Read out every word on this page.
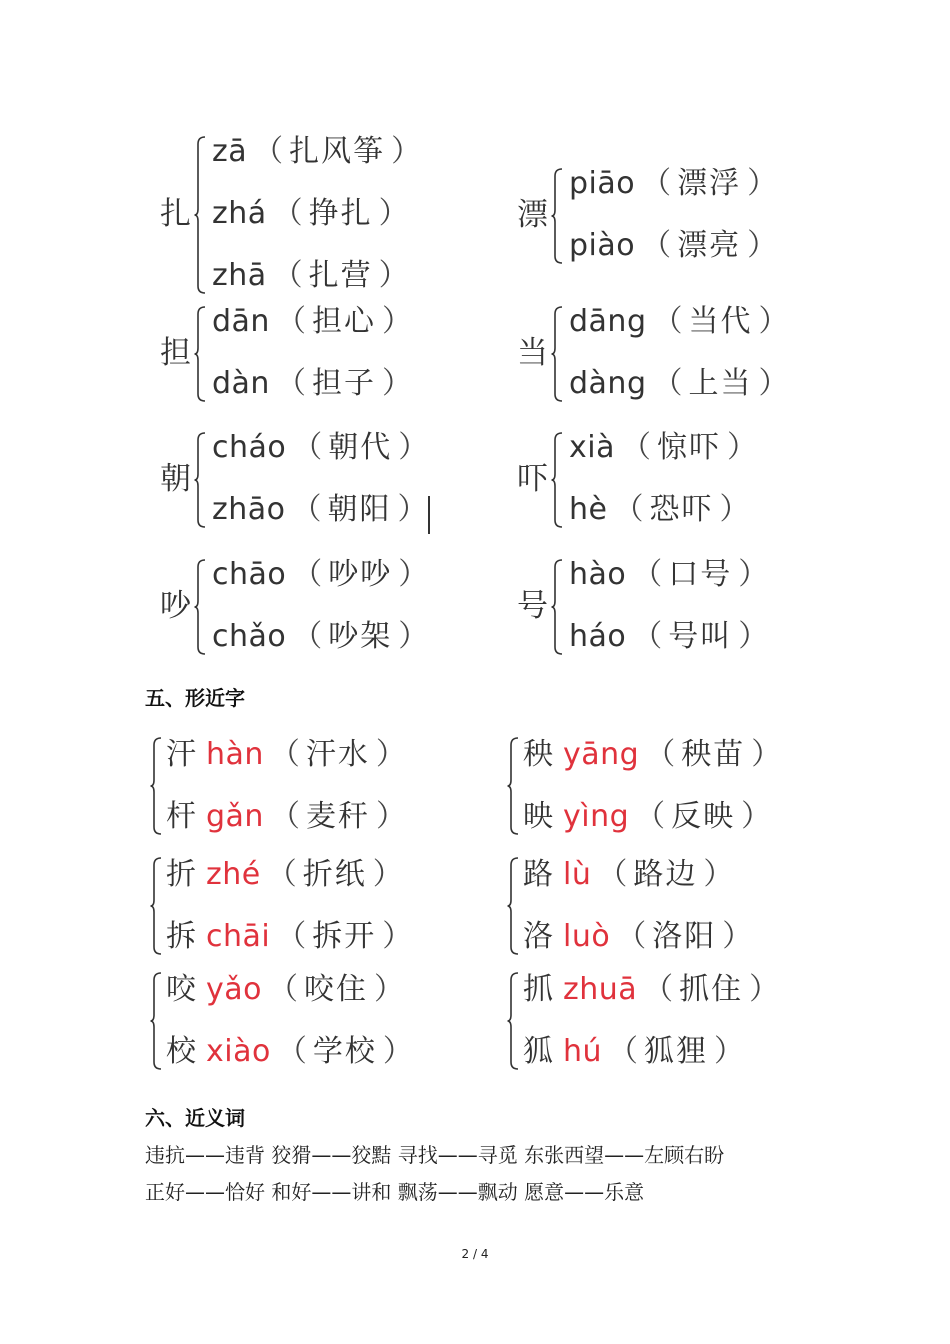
扎
zā （ 扎风筝 ）
zhá （ 挣扎 ）
zhā （ 扎营 ）
漂
piāo （ 漂浮 ）
piào （ 漂亮 ）
担
dān （ 担心 ）
dàn （ 担子 ）
当
dāng （ 当代 ）
dàng （ 上当 ）
朝
cháo （ 朝代 ）
zhāo （ 朝阳 ）
吓
xià （ 惊吓 ）
hè （ 恐吓 ）
吵
chāo （ 吵吵 ）
chǎo （ 吵架 ）
号
hào （ 口号 ）
háo （ 号叫 ）
五、形近字
汗 hàn （ 汗水 ）
杆 gǎn （ 麦秆 ）
秧 yāng （ 秧苗 ）
映 yìng （ 反映 ）
折 zhé （ 折纸 ）
拆 chāi （ 拆开 ）
路 lù （ 路边 ）
洛 luò （ 洛阳 ）
咬 yǎo （ 咬住 ）
校 xiào （ 学校 ）
抓 zhuā （ 抓住 ）
狐 hú （ 狐狸 ）
六、近义词
违抗——违背 狡猾——狡黠 寻找——寻觅 东张西望——左顾右盼
正好——恰好 和好——讲和 飘荡——飘动 愿意——乐意
2 / 4
